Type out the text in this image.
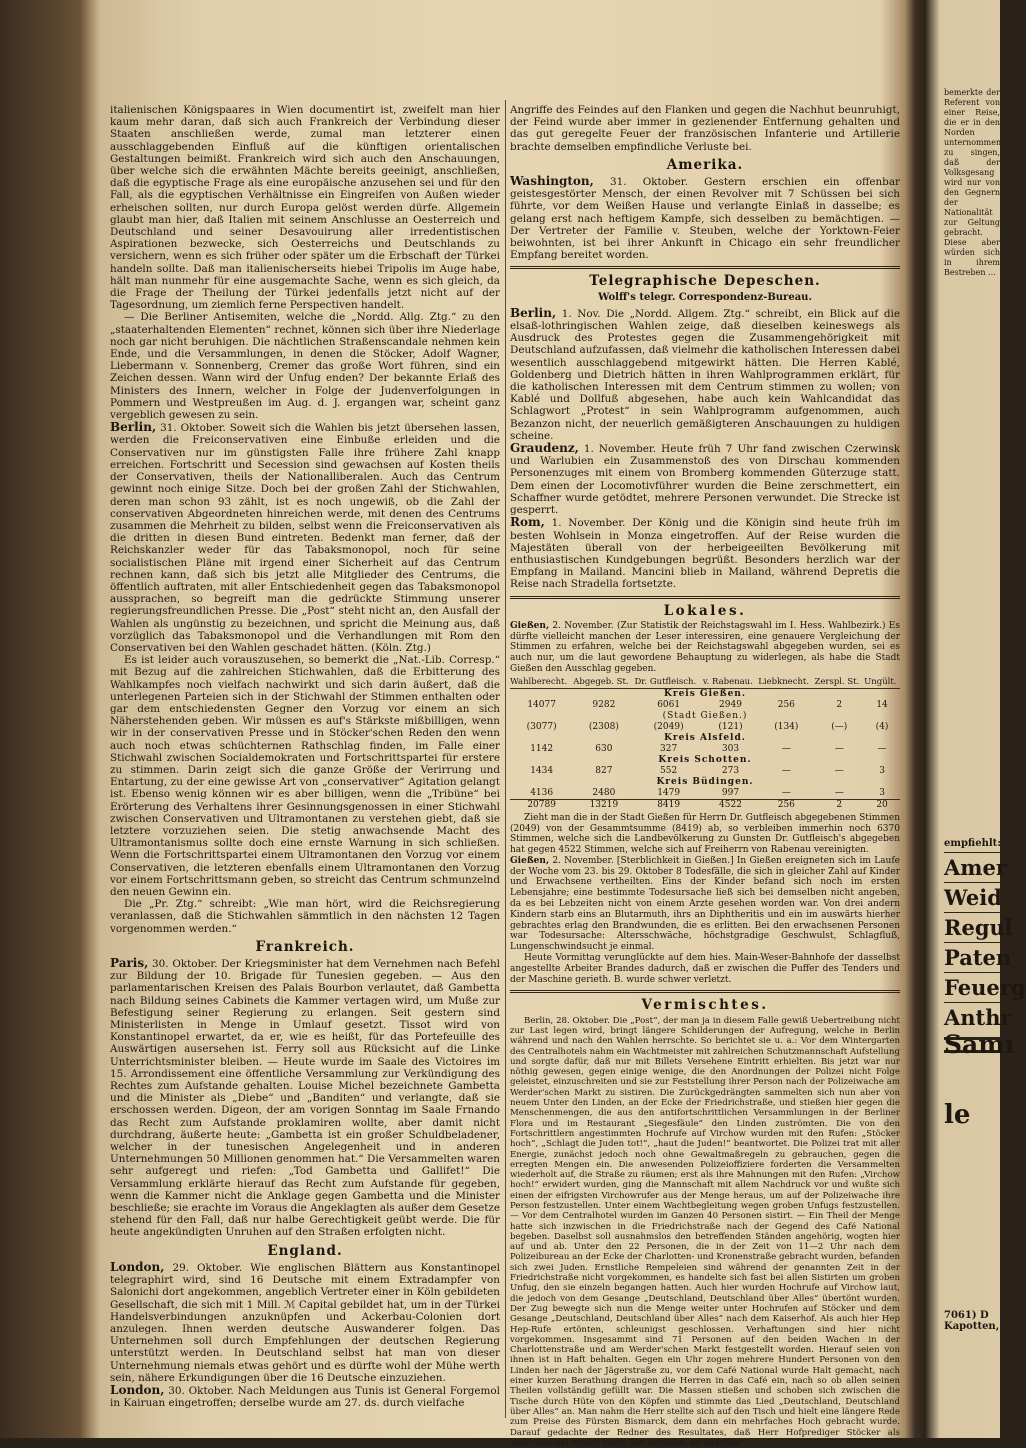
italienischen Königspaares in Wien documentirt ist, zweifelt man hier kaum mehr daran, daß sich auch Frankreich der Verbindung dieser Staaten anschließen werde, zumal man letzterer einen ausschlaggebenden Einfluß auf die künftigen orientalischen Gestaltungen beimißt. Frankreich wird sich auch den Anschauungen, über welche sich die erwähnten Mächte bereits geeinigt, anschließen, daß die egyptische Frage als eine europäische anzusehen sei und für den Fall, als die egyptischen Verhältnisse ein Eingreifen von Außen wieder erheischen sollten, nur durch Europa gelöst werden dürfe. Allgemein glaubt man hier, daß Italien mit seinem Anschlusse an Oesterreich und Deutschland und seiner Desavouirung aller irredentistischen Aspirationen bezwecke, sich Oesterreichs und Deutschlands zu versichern, wenn es sich früher oder später um die Erbschaft der Türkei handeln sollte. Daß man italienischerseits hiebei Tripolis im Auge habe, hält man nunmehr für eine ausgemachte Sache, wenn es sich gleich, da die Frage der Theilung der Türkei jedenfalls jetzt nicht auf der Tagesordnung, um ziemlich ferne Perspectiven handelt.

— Die Berliner Antisemiten, welche die „Nordd. Allg. Ztg.“ zu den „staaterhaltenden Elementen“ rechnet, können sich über ihre Niederlage noch gar nicht beruhigen. Die nächtlichen Straßenscandale nehmen kein Ende, und die Versammlungen, in denen die Stöcker, Adolf Wagner, Liebermann v. Sonnenberg, Cremer das große Wort führen, sind ein Zeichen dessen. Wann wird der Unfug enden? Der bekannte Erlaß des Ministers des Innern, welcher in Folge der Judenverfolgungen in Pommern und Westpreußen im Aug. d. J. ergangen war, scheint ganz vergeblich gewesen zu sein.

Berlin, 31. Oktober. Soweit sich die Wahlen bis jetzt übersehen lassen, werden die Freiconservativen eine Einbuße erleiden und die Conservativen nur im günstigsten Falle ihre frühere Zahl knapp erreichen. Fortschritt und Secession sind gewachsen auf Kosten theils der Conservativen, theils der Nationalliberalen. Auch das Centrum gewinnt noch einige Sitze. Doch bei der großen Zahl der Stichwahlen, deren man schon 93 zählt, ist es noch ungewiß, ob die Zahl der conservativen Abgeordneten hinreichen werde, mit denen des Centrums zusammen die Mehrheit zu bilden, selbst wenn die Freiconservativen als die dritten in diesen Bund eintreten. Bedenkt man ferner, daß der Reichskanzler weder für das Tabaksmonopol, noch für seine socialistischen Pläne mit irgend einer Sicherheit auf das Centrum rechnen kann, daß sich bis jetzt alle Mitglieder des Centrums, die öffentlich auftraten, mit aller Entschiedenheit gegen das Tabaksmonopol aussprachen, so begreift man die gedrückte Stimmung unserer regierungsfreundlichen Presse. Die „Post“ steht nicht an, den Ausfall der Wahlen als ungünstig zu bezeichnen, und spricht die Meinung aus, daß vorzüglich das Tabaksmonopol und die Verhandlungen mit Rom den Conservativen bei den Wahlen geschadet hätten. (Köln. Ztg.)

Es ist leider auch vorauszusehen, so bemerkt die „Nat.-Lib. Corresp.“ mit Bezug auf die zahlreichen Stichwahlen, daß die Erbitterung des Wahlkampfes noch vielfach nachwirkt und sich darin äußert, daß die unterlegenen Parteien sich in der Stichwahl der Stimmen enthalten oder gar dem entschiedensten Gegner den Vorzug vor einem an sich Näherstehenden geben. Wir müssen es auf's Stärkste mißbilligen, wenn wir in der conservativen Presse und in Stöcker'schen Reden den wenn auch noch etwas schüchternen Rathschlag finden, im Falle einer Stichwahl zwischen Socialdemokraten und Fortschrittspartei für erstere zu stimmen. Darin zeigt sich die ganze Größe der Verirrung und Entartung, zu der eine gewisse Art von „conservativer“ Agitation gelangt ist. Ebenso wenig können wir es aber billigen, wenn die „Tribüne“ bei Erörterung des Verhaltens ihrer Gesinnungsgenossen in einer Stichwahl zwischen Conservativen und Ultramontanen zu verstehen giebt, daß sie letztere vorzuziehen seien. Die stetig anwachsende Macht des Ultramontanismus sollte doch eine ernste Warnung in sich schließen. Wenn die Fortschrittspartei einem Ultramontanen den Vorzug vor einem Conservativen, die letzteren ebenfalls einem Ultramontanen den Vorzug vor einem Fortschrittsmann geben, so streicht das Centrum schmunzelnd den neuen Gewinn ein.

Die „Pr. Ztg.“ schreibt: „Wie man hört, wird die Reichsregierung veranlassen, daß die Stichwahlen sämmtlich in den nächsten 12 Tagen vorgenommen werden.“

Frankreich.

Paris, 30. Oktober. Der Kriegsminister hat dem Vernehmen nach Befehl zur Bildung der 10. Brigade für Tunesien gegeben. — Aus den parlamentarischen Kreisen des Palais Bourbon verlautet, daß Gambetta nach Bildung seines Cabinets die Kammer vertagen wird, um Muße zur Befestigung seiner Regierung zu erlangen. Seit gestern sind Ministerlisten in Menge in Umlauf gesetzt. Tissot wird von Konstantinopel erwartet, da er, wie es heißt, für das Portefeuille des Auswärtigen ausersehen ist. Ferry soll aus Rücksicht auf die Linke Unterrichtsminister bleiben. — Heute wurde im Saale des Victoires im 15. Arrondissement eine öffentliche Versammlung zur Verkündigung des Rechtes zum Aufstande gehalten. Louise Michel bezeichnete Gambetta und die Minister als „Diebe“ und „Banditen“ und verlangte, daß sie erschossen werden. Digeon, der am vorigen Sonntag im Saale Frnando das Recht zum Aufstande proklamiren wollte, aber damit nicht durchdrang, äußerte heute: „Gambetta ist ein großer Schuldbeladener, welcher in der tunesischen Angelegenheit und in anderen Unternehmungen 50 Millionen genommen hat.“ Die Versammelten waren sehr aufgeregt und riefen: „Tod Gambetta und Gallifet!“ Die Versammlung erklärte hierauf das Recht zum Aufstande für gegeben, wenn die Kammer nicht die Anklage gegen Gambetta und die Minister beschließe; sie erachte im Voraus die Angeklagten als außer dem Gesetze stehend für den Fall, daß nur halbe Gerechtigkeit geübt werde. Die für heute angekündigten Unruhen auf den Straßen erfolgten nicht.

England.

London, 29. Oktober. Wie englischen Blättern aus Konstantinopel telegraphirt wird, sind 16 Deutsche mit einem Extradampfer von Salonichi dort angekommen, angeblich Vertreter einer in Köln gebildeten Gesellschaft, die sich mit 1 Mill. ℳ Capital gebildet hat, um in der Türkei Handelsverbindungen anzuknüpfen und Ackerbau-Colonien dort anzulegen. Ihnen werden deutsche Auswanderer folgen. Das Unternehmen soll durch Empfehlungen der deutschen Regierung unterstützt werden. In Deutschland selbst hat man von dieser Unternehmung niemals etwas gehört und es dürfte wohl der Mühe werth sein, nähere Erkundigungen über die 16 Deutsche einzuziehen.

London, 30. Oktober. Nach Meldungen aus Tunis ist General Forgemol in Kairuan eingetroffen; derselbe wurde am 27. ds. durch vielfache

Angriffe des Feindes auf den Flanken und gegen die Nachhut beunruhigt, der Feind wurde aber immer in gezienender Entfernung gehalten und das gut geregelte Feuer der französischen Infanterie und Artillerie brachte demselben empfindliche Verluste bei.

Amerika.

Washington, 31. Oktober. Gestern erschien ein offenbar geistesgestörter Mensch, der einen Revolver mit 7 Schüssen bei sich führte, vor dem Weißen Hause und verlangte Einlaß in dasselbe; es gelang erst nach heftigem Kampfe, sich desselben zu bemächtigen. — Der Vertreter der Familie v. Steuben, welche der Yorktown-Feier beiwohnten, ist bei ihrer Ankunft in Chicago ein sehr freundlicher Empfang bereitet worden.

Telegraphische Depeschen.
Wolff's telegr. Correspondenz-Bureau.

Berlin, 1. Nov. Die „Nordd. Allgem. Ztg.“ schreibt, ein Blick auf die elsaß-lothringischen Wahlen zeige, daß dieselben keineswegs als Ausdruck des Protestes gegen die Zusammengehörigkeit mit Deutschland aufzufassen, daß vielmehr die katholischen Interessen dabei wesentlich ausschlaggebend mitgewirkt hätten. Die Herren Kablé, Goldenberg und Dietrich hätten in ihren Wahlprogrammen erklärt, für die katholischen Interessen mit dem Centrum stimmen zu wollen; von Kablé und Dollfuß abgesehen, habe auch kein Wahlcandidat das Schlagwort „Protest“ in sein Wahlprogramm aufgenommen, auch Bezanzon nicht, der neuerlich gemäßigteren Anschauungen zu huldigen scheine.

Graudenz, 1. November. Heute früh 7 Uhr fand zwischen Czerwinsk und Warlubien ein Zusammenstoß des von Dirschau kommenden Personenzuges mit einem von Bromberg kommenden Güterzuge statt. Dem einen der Locomotivführer wurden die Beine zerschmettert, ein Schaffner wurde getödtet, mehrere Personen verwundet. Die Strecke ist gesperrt.

Rom, 1. November. Der König und die Königin sind heute früh im besten Wohlsein in Monza eingetroffen. Auf der Reise wurden die Majestäten überall von der herbeigeeilten Bevölkerung mit enthusiastischen Kundgebungen begrüßt. Besonders herzlich war der Empfang in Mailand. Mancini blieb in Mailand, während Depretis die Reise nach Stradella fortsetzte.

Lokales.

Gießen, 2. November. (Zur Statistik der Reichstagswahl im I. Hess. Wahlbezirk.) Es dürfte vielleicht manchen der Leser interessiren, eine genauere Vergleichung der Stimmen zu erfahren, welche bei der Reichstagswahl abgegeben wurden, sei es auch nur, um die laut gewordene Behauptung zu widerlegen, als habe die Stadt Gießen den Ausschlag gegeben.

Wahlberecht.	Abgegeb. St.	Dr. Gutfleisch.	v. Rabenau.	Liebknecht.	Zerspl. St.	Ungült.
Kreis Gießen.						
14077	9282	6061	2949	256	2	14
(Stadt Gießen.)						
(3077)	(2308)	(2049)	(121)	(134)	(—)	(4)
Kreis Alsfeld.						
1142	630	327	303	—	—	—
Kreis Schotten.						
1434	827	552	273	—	—	3
Kreis Büdingen.						
4136	2480	1479	997	—	—	3
20789	13219	8419	4522	256	2	20

Zieht man die in der Stadt Gießen für Herrn Dr. Gutfleisch abgegebenen Stimmen (2049) von der Gesammtsumme (8419) ab, so verbleiben immerhin noch 6370 Stimmen, welche sich die Landbevölkerung zu Gunsten Dr. Gutfleisch's abgegeben hat gegen 4522 Stimmen, welche sich auf Freiherrn von Rabenau vereinigten.

Gießen, 2. November. [Sterblichkeit in Gießen.] In Gießen ereigneten sich im Laufe der Woche vom 23. bis 29. Oktober 8 Todesfälle, die sich in gleicher Zahl auf Kinder und Erwachsene vertheilten. Eins der Kinder befand sich noch im ersten Lebensjahre; eine bestimmte Todesursache ließ sich bei demselben nicht angeben, da es bei Lebzeiten nicht von einem Arzte gesehen worden war. Von drei andern Kindern starb eins an Blutarmuth, ihrs an Diphtheritis und ein im auswärts hierher gebrachtes erlag den Brandwunden, die es erlitten. Bei den erwachsenen Personen war Todesursache: Altersschwäche, höchstgradige Geschwulst, Schlagfluß, Lungenschwindsucht je einmal.

Heute Vormittag verunglückte auf dem hies. Main-Weser-Bahnhofe der dasselbst angestellte Arbeiter Brandes dadurch, daß er zwischen die Puffer des Tenders und der Maschine gerieth. B. wurde schwer verletzt.

Vermischtes.

Berlin, 28. Oktober. Die „Post“, der man ja in diesem Falle gewiß Uebertreibung nicht zur Last legen wird, bringt längere Schilderungen der Aufregung, welche in Berlin während und nach den Wahlen herrschte. So berichtet sie u. a.: Vor dem Wintergarten des Centralhotels nahm ein Wachtmeister mit zahlreichen Schutzmannschaft Aufstellung und sorgte dafür, daß nur mit Billets Versehene Eintritt erhielten. Bis jetzt war nur nöthig gewesen, gegen einige wenige, die den Anordnungen der Polizei nicht Folge geleistet, einzuschreiten und sie zur Feststellung ihrer Person nach der Polizeiwache am Werder'schen Markt zu sistiren. Die Zurückgedrängten sammelten sich nun aber von neuem Unter den Linden, an der Ecke der Friedrichstraße, und stießen hier gegen die Menschenmengen, die aus den antifortschrittlichen Versammlungen in der Berliner Flora und im Restaurant „Siegesfäule“ den Linden zuströmten. Die von den Fortschrittlern angestimmten Hochrufe auf Virchow wurden mit den Rufen: „Stöcker hoch“, „Schlagt die Juden tot!“, „haut die Juden!“ beantwortet. Die Polizei trat mit aller Energie, zunächst jedoch noch ohne Gewaltmaßregeln zu gebrauchen, gegen die erregten Mengen ein. Die anwesenden Polizeioffiziere forderten die Versammelten wiederholt auf, die Straße zu räumen; erst als ihre Mahnungen mit den Rufen: „Virchow hoch!“ erwidert wurden, ging die Mannschaft mit allem Nachdruck vor und wußte sich einen der eifrigsten Virchowrufer aus der Menge heraus, um auf der Polizeiwache ihre Person festzustellen. Unter einem Wachtbegleitung wegen groben Unfugs festzustellen. — Vor dem Centralhotel wurden im Ganzen 40 Personen sistirt. — Ein Theil der Menge hatte sich inzwischen in die Friedrichstraße nach der Gegend des Café National begeben. Daselbst soll ausnahmslos den betreffenden Ständen angehörig, wogten hier auf und ab. Unter den 22 Personen, die in der Zeit von 11—2 Uhr nach dem Polizeibureau an der Ecke der Charlotten- und Kronenstraße gebracht wurden, befanden sich zwei Juden. Ernstliche Rempeleien sind während der genannten Zeit in der Friedrichstraße nicht vorgekommen, es handelte sich fast bei allen Sistirten um groben Unfug, den sie einzeln begangen hatten. Auch hier wurden Hochrufe auf Virchow laut, die jedoch von dem Gesange „Deutschland, Deutschland über Alles“ übertönt wurden. Der Zug bewegte sich nun die Menge weiter unter Hochrufen auf Stöcker und dem Gesange „Deutschland, Deutschland über Alles“ nach dem Kaiserhof. Als auch hier Hep Hep-Rufe ertönten, schleunigst geschlossen. Verhaftungen sind hier nicht vorgekommen. Insgesammt sind 71 Personen auf den beiden Wachen in der Charlottenstraße und am Werder'schen Markt festgestellt worden. Hierauf seien von ihnen ist in Haft behalten. Gegen ein Uhr zogen mehrere Hundert Personen von den Linden her nach der Jägerstraße zu, vor dem Café National wurde Halt gemacht, nach einer kurzen Berathung drangen die Herren in das Café ein, nach so ob allen seinen Theilen vollständig gefüllt war. Die Massen stießen und schoben sich zwischen die Tische durch Hüte von den Köpfen und stimmte das Lied „Deutschland, Deutschland über Alles“ an. Man nahm die Herr stellte sich auf den Tisch und hielt eine längere Rede zum Preise des Fürsten Bismarck, dem dann ein mehrfaches Hoch gebracht wurde. Darauf gedachte der Redner des Resultates, daß Herr Hofprediger Stöcker als Wahlcandidat erzielt hatte. Bei derselbe, so ungefähr

bemerkte der Referent von einer Reise, die er in den Norden unternommen, zu singen, daß der Volksgesang wird nur von den Gegnern der Nationalität zur Geltung gebracht. Diese aber würden sich in ihrem Bestreben ...

empfiehlt:
Amer
Weid
Regul
Paten
Feuerg
Anthr
Samı
le
7061) D
Kapotten,
